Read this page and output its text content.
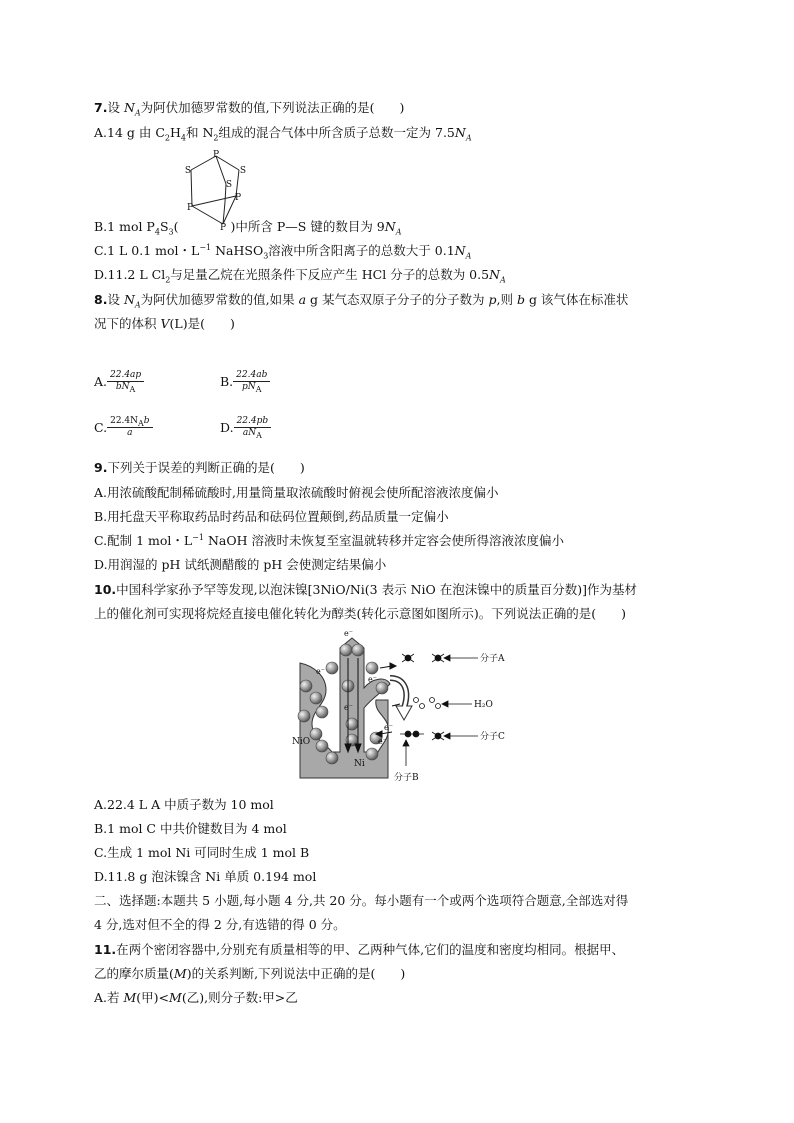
7.设 $N_A$为阿伏加德罗常数的值,下列说法正确的是(　　)
A.14 g 由 $C_2H_4$和 $N_2$组成的混合气体中所含质子总数一定为 $7.5N_A$
P
S	S
S
P
P
P
B.1 mol $P_4S_3$(	)中所含 P—S 键的数目为 $9N_A$
C.1 L 0.1 mol・$L^{-1}$ NaHSO$_3$溶液中所含阳离子的总数大于 $0.1N_A$
D.11.2 L $Cl_2$与足量乙烷在光照条件下反应产生 HCl 分子的总数为 $0.5N_A$
8.设 $N_A$为阿伏加德罗常数的值,如果 a g 某气态双原子分子的分子数为 p,则 b g 该气体在标准状
况下的体积 V(L)是(　　)
A. $\frac{22.4ap}{bN_A}$	B. $\frac{22.4ab}{pN_A}$
C. $\frac{22.4N_Ab}{a}$	D. $\frac{22.4pb}{aN_A}$
9.下列关于误差的判断正确的是(　　)
A.用浓硫酸配制稀硫酸时,用量筒量取浓硫酸时俯视会使所配溶液浓度偏小
B.用托盘天平称取药品时药品和砝码位置颠倒,药品质量一定偏小
C.配制 1 mol・$L^{-1}$ NaOH 溶液时未恢复至室温就转移并定容会使所得溶液浓度偏小
D.用润湿的 pH 试纸测醋酸的 pH 会使测定结果偏小
10.中国科学家孙予罕等发现,以泡沫镍[3NiO/Ni(3 表示 NiO 在泡沫镍中的质量百分数)]作为基材
上的催化剂可实现将烷烃直接电催化转化为醇类(转化示意图如图所示)。下列说法正确的是(　　)
e⁻
e⁻
e⁻
e⁻
e⁻
e⁻
NiO
Ni
分子A
H₂O
分子C
分子B
A.22.4 L A 中质子数为 10 mol
B.1 mol C 中共价键数目为 4 mol
C.生成 1 mol Ni 可同时生成 1 mol B
D.11.8 g 泡沫镍含 Ni 单质 0.194 mol
二、选择题:本题共 5 小题,每小题 4 分,共 20 分。每小题有一个或两个选项符合题意,全部选对得
4 分,选对但不全的得 2 分,有选错的得 0 分。
11.在两个密闭容器中,分别充有质量相等的甲、乙两种气体,它们的温度和密度均相同。根据甲、
乙的摩尔质量(M)的关系判断,下列说法中正确的是(　　)
A.若 M(甲)<M(乙),则分子数:甲>乙
